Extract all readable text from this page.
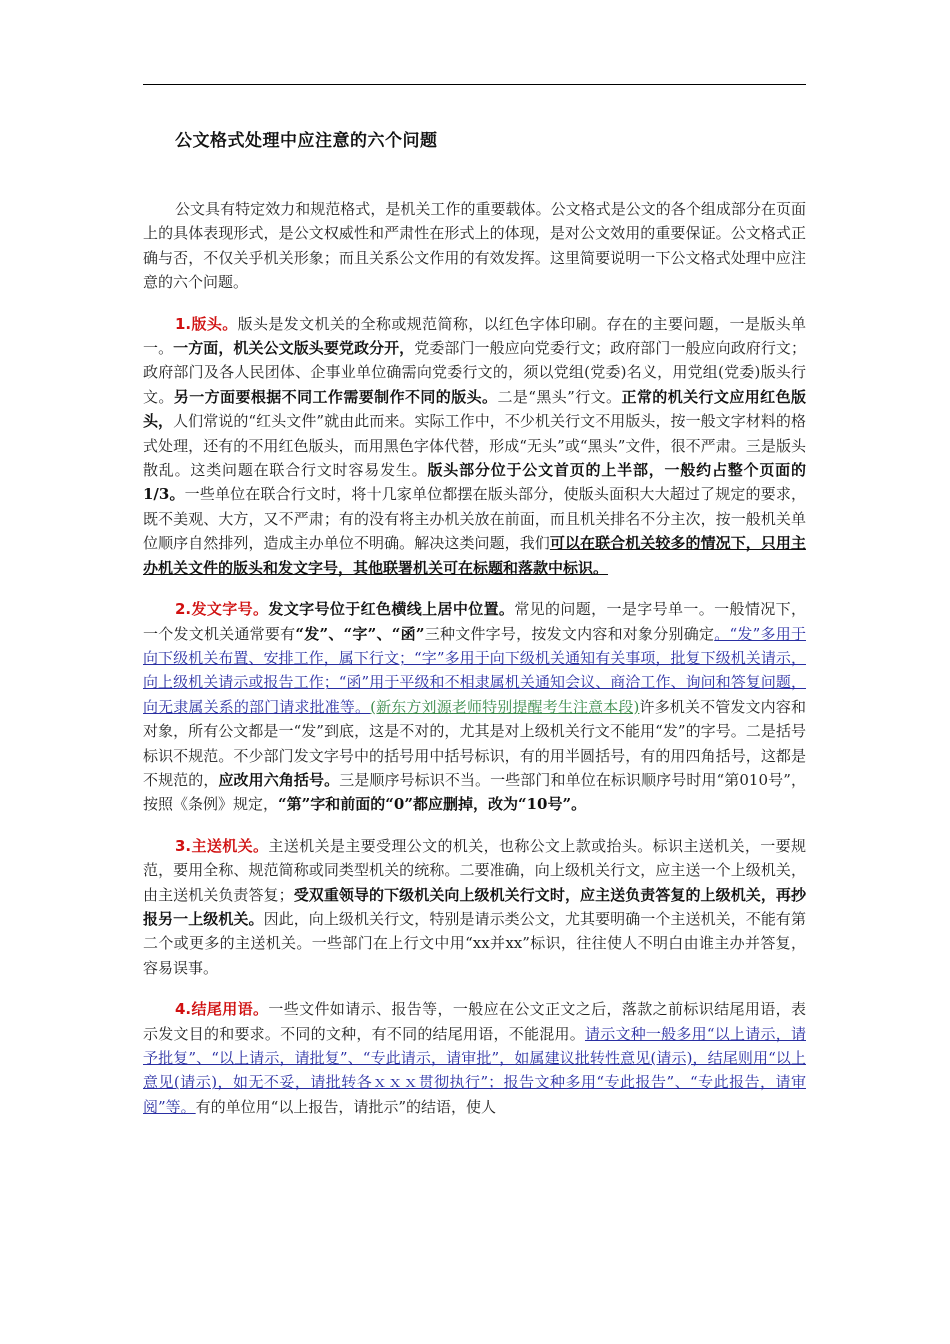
公文格式处理中应注意的六个问题

公文具有特定效力和规范格式，是机关工作的重要载体。公文格式是公文的各个组成部分在页面上的具体表现形式，是公文权威性和严肃性在形式上的体现，是对公文效用的重要保证。公文格式正确与否，不仅关乎机关形象；而且关系公文作用的有效发挥。这里简要说明一下公文格式处理中应注意的六个问题。

1.版头。版头是发文机关的全称或规范简称，以红色字体印刷。存在的主要问题，一是版头单一。一方面，机关公文版头要党政分开，党委部门一般应向党委行文；政府部门一般应向政府行文；政府部门及各人民团体、企事业单位确需向党委行文的，须以党组(党委)名义，用党组(党委)版头行文。另一方面要根据不同工作需要制作不同的版头。二是“黑头”行文。正常的机关行文应用红色版头，人们常说的“红头文件”就由此而来。实际工作中，不少机关行文不用版头，按一般文字材料的格式处理，还有的不用红色版头，而用黑色字体代替，形成“无头”或“黑头”文件，很不严肃。三是版头散乱。这类问题在联合行文时容易发生。版头部分位于公文首页的上半部，一般约占整个页面的1/3。一些单位在联合行文时，将十几家单位都摆在版头部分，使版头面积大大超过了规定的要求，既不美观、大方，又不严肃；有的没有将主办机关放在前面，而且机关排名不分主次，按一般机关单位顺序自然排列，造成主办单位不明确。解决这类问题，我们可以在联合机关较多的情况下，只用主办机关文件的版头和发文字号，其他联署机关可在标题和落款中标识。

2.发文字号。发文字号位于红色横线上居中位置。常见的问题，一是字号单一。一般情况下，一个发文机关通常要有“发”、“字”、“函”三种文件字号，按发文内容和对象分别确定。“发”多用于向下级机关布置、安排工作，属下行文；“字”多用于向下级机关通知有关事项，批复下级机关请示，向上级机关请示或报告工作；“函”用于平级和不相隶属机关通知会议、商洽工作、询问和答复问题，向无隶属关系的部门请求批准等。(新东方刘源老师特别提醒考生注意本段)许多机关不管发文内容和对象，所有公文都是一“发”到底，这是不对的，尤其是对上级机关行文不能用“发”的字号。二是括号标识不规范。不少部门发文字号中的括号用中括号标识，有的用半圆括号，有的用四角括号，这都是不规范的，应改用六角括号。三是顺序号标识不当。一些部门和单位在标识顺序号时用“第010号”，按照《条例》规定，“第”字和前面的“0”都应删掉，改为“10号”。

3.主送机关。主送机关是主要受理公文的机关，也称公文上款或抬头。标识主送机关，一要规范，要用全称、规范简称或同类型机关的统称。二要准确，向上级机关行文，应主送一个上级机关，由主送机关负责答复；受双重领导的下级机关向上级机关行文时，应主送负责答复的上级机关，再抄报另一上级机关。因此，向上级机关行文，特别是请示类公文，尤其要明确一个主送机关，不能有第二个或更多的主送机关。一些部门在上行文中用“xx并xx”标识，往往使人不明白由谁主办并答复，容易误事。

4.结尾用语。一些文件如请示、报告等，一般应在公文正文之后，落款之前标识结尾用语，表示发文目的和要求。不同的文种，有不同的结尾用语，不能混用。请示文种一般多用“以上请示，请予批复”、“以上请示，请批复”、“专此请示，请审批”，如属建议批转性意见(请示)，结尾则用“以上意见(请示)，如无不妥，请批转各ｘｘｘ贯彻执行”；报告文种多用“专此报告”、“专此报告，请审阅”等。有的单位用“以上报告，请批示”的结语，使人
